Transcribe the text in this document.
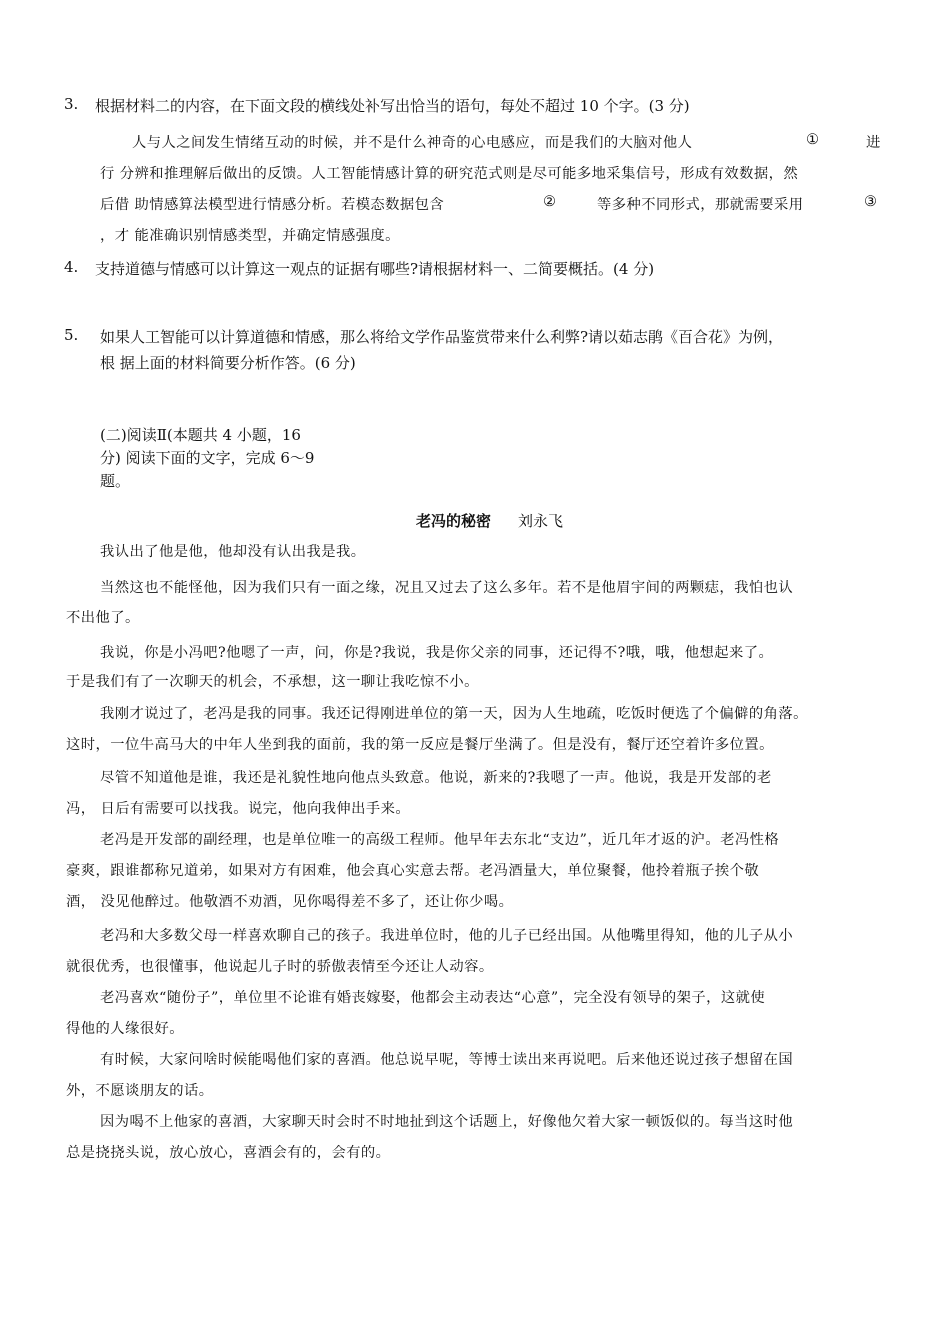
3. 根据材料二的内容，在下面文段的横线处补写出恰当的语句，每处不超过 10 个字。(3 分)
人与人之间发生情绪互动的时候，并不是什么神奇的心电感应，而是我们的大脑对他人	①	进
行 分辨和推理解后做出的反馈。人工智能情感计算的研究范式则是尽可能多地采集信号，形成有效数据，然
后借 助情感算法模型进行情感分析。若模态数据包含	②	等多种不同形式，那就需要采用	③
，才 能准确识别情感类型，并确定情感强度。
4. 支持道德与情感可以计算这一观点的证据有哪些?请根据材料一、二简要概括。(4 分)
5. 如果人工智能可以计算道德和情感，那么将给文学作品鉴赏带来什么利弊?请以茹志鹃《百合花》为例，
根 据上面的材料简要分析作答。(6 分)
(二)阅读Ⅱ(本题共 4 小题，16
分) 阅读下面的文字，完成 6～9
题。
老冯的秘密 刘永飞
我认出了他是他，他却没有认出我是我。
当然这也不能怪他，因为我们只有一面之缘，况且又过去了这么多年。若不是他眉宇间的两颗痣，我怕也认
不出他了。
我说，你是小冯吧?他嗯了一声，问，你是?我说，我是你父亲的同事，还记得不?哦，哦，他想起来了。
于是我们有了一次聊天的机会，不承想，这一聊让我吃惊不小。
我刚才说过了，老冯是我的同事。我还记得刚进单位的第一天，因为人生地疏，吃饭时便选了个偏僻的角落。
这时，一位牛高马大的中年人坐到我的面前，我的第一反应是餐厅坐满了。但是没有，餐厅还空着许多位置。
尽管不知道他是谁，我还是礼貌性地向他点头致意。他说，新来的?我嗯了一声。他说，我是开发部的老
冯， 日后有需要可以找我。说完，他向我伸出手来。
老冯是开发部的副经理，也是单位唯一的高级工程师。他早年去东北“支边”，近几年才返的沪。老冯性格
豪爽，跟谁都称兄道弟，如果对方有困难，他会真心实意去帮。老冯酒量大，单位聚餐，他拎着瓶子挨个敬
酒， 没见他醉过。他敬酒不劝酒，见你喝得差不多了，还让你少喝。
老冯和大多数父母一样喜欢聊自己的孩子。我进单位时，他的儿子已经出国。从他嘴里得知，他的儿子从小
就很优秀，也很懂事，他说起儿子时的骄傲表情至今还让人动容。
老冯喜欢“随份子”，单位里不论谁有婚丧嫁娶，他都会主动表达“心意”，完全没有领导的架子，这就使
得他的人缘很好。
有时候，大家问啥时候能喝他们家的喜酒。他总说早呢，等博士读出来再说吧。后来他还说过孩子想留在国
外，不愿谈朋友的话。
因为喝不上他家的喜酒，大家聊天时会时不时地扯到这个话题上，好像他欠着大家一顿饭似的。每当这时他
总是挠挠头说，放心放心，喜酒会有的，会有的。
